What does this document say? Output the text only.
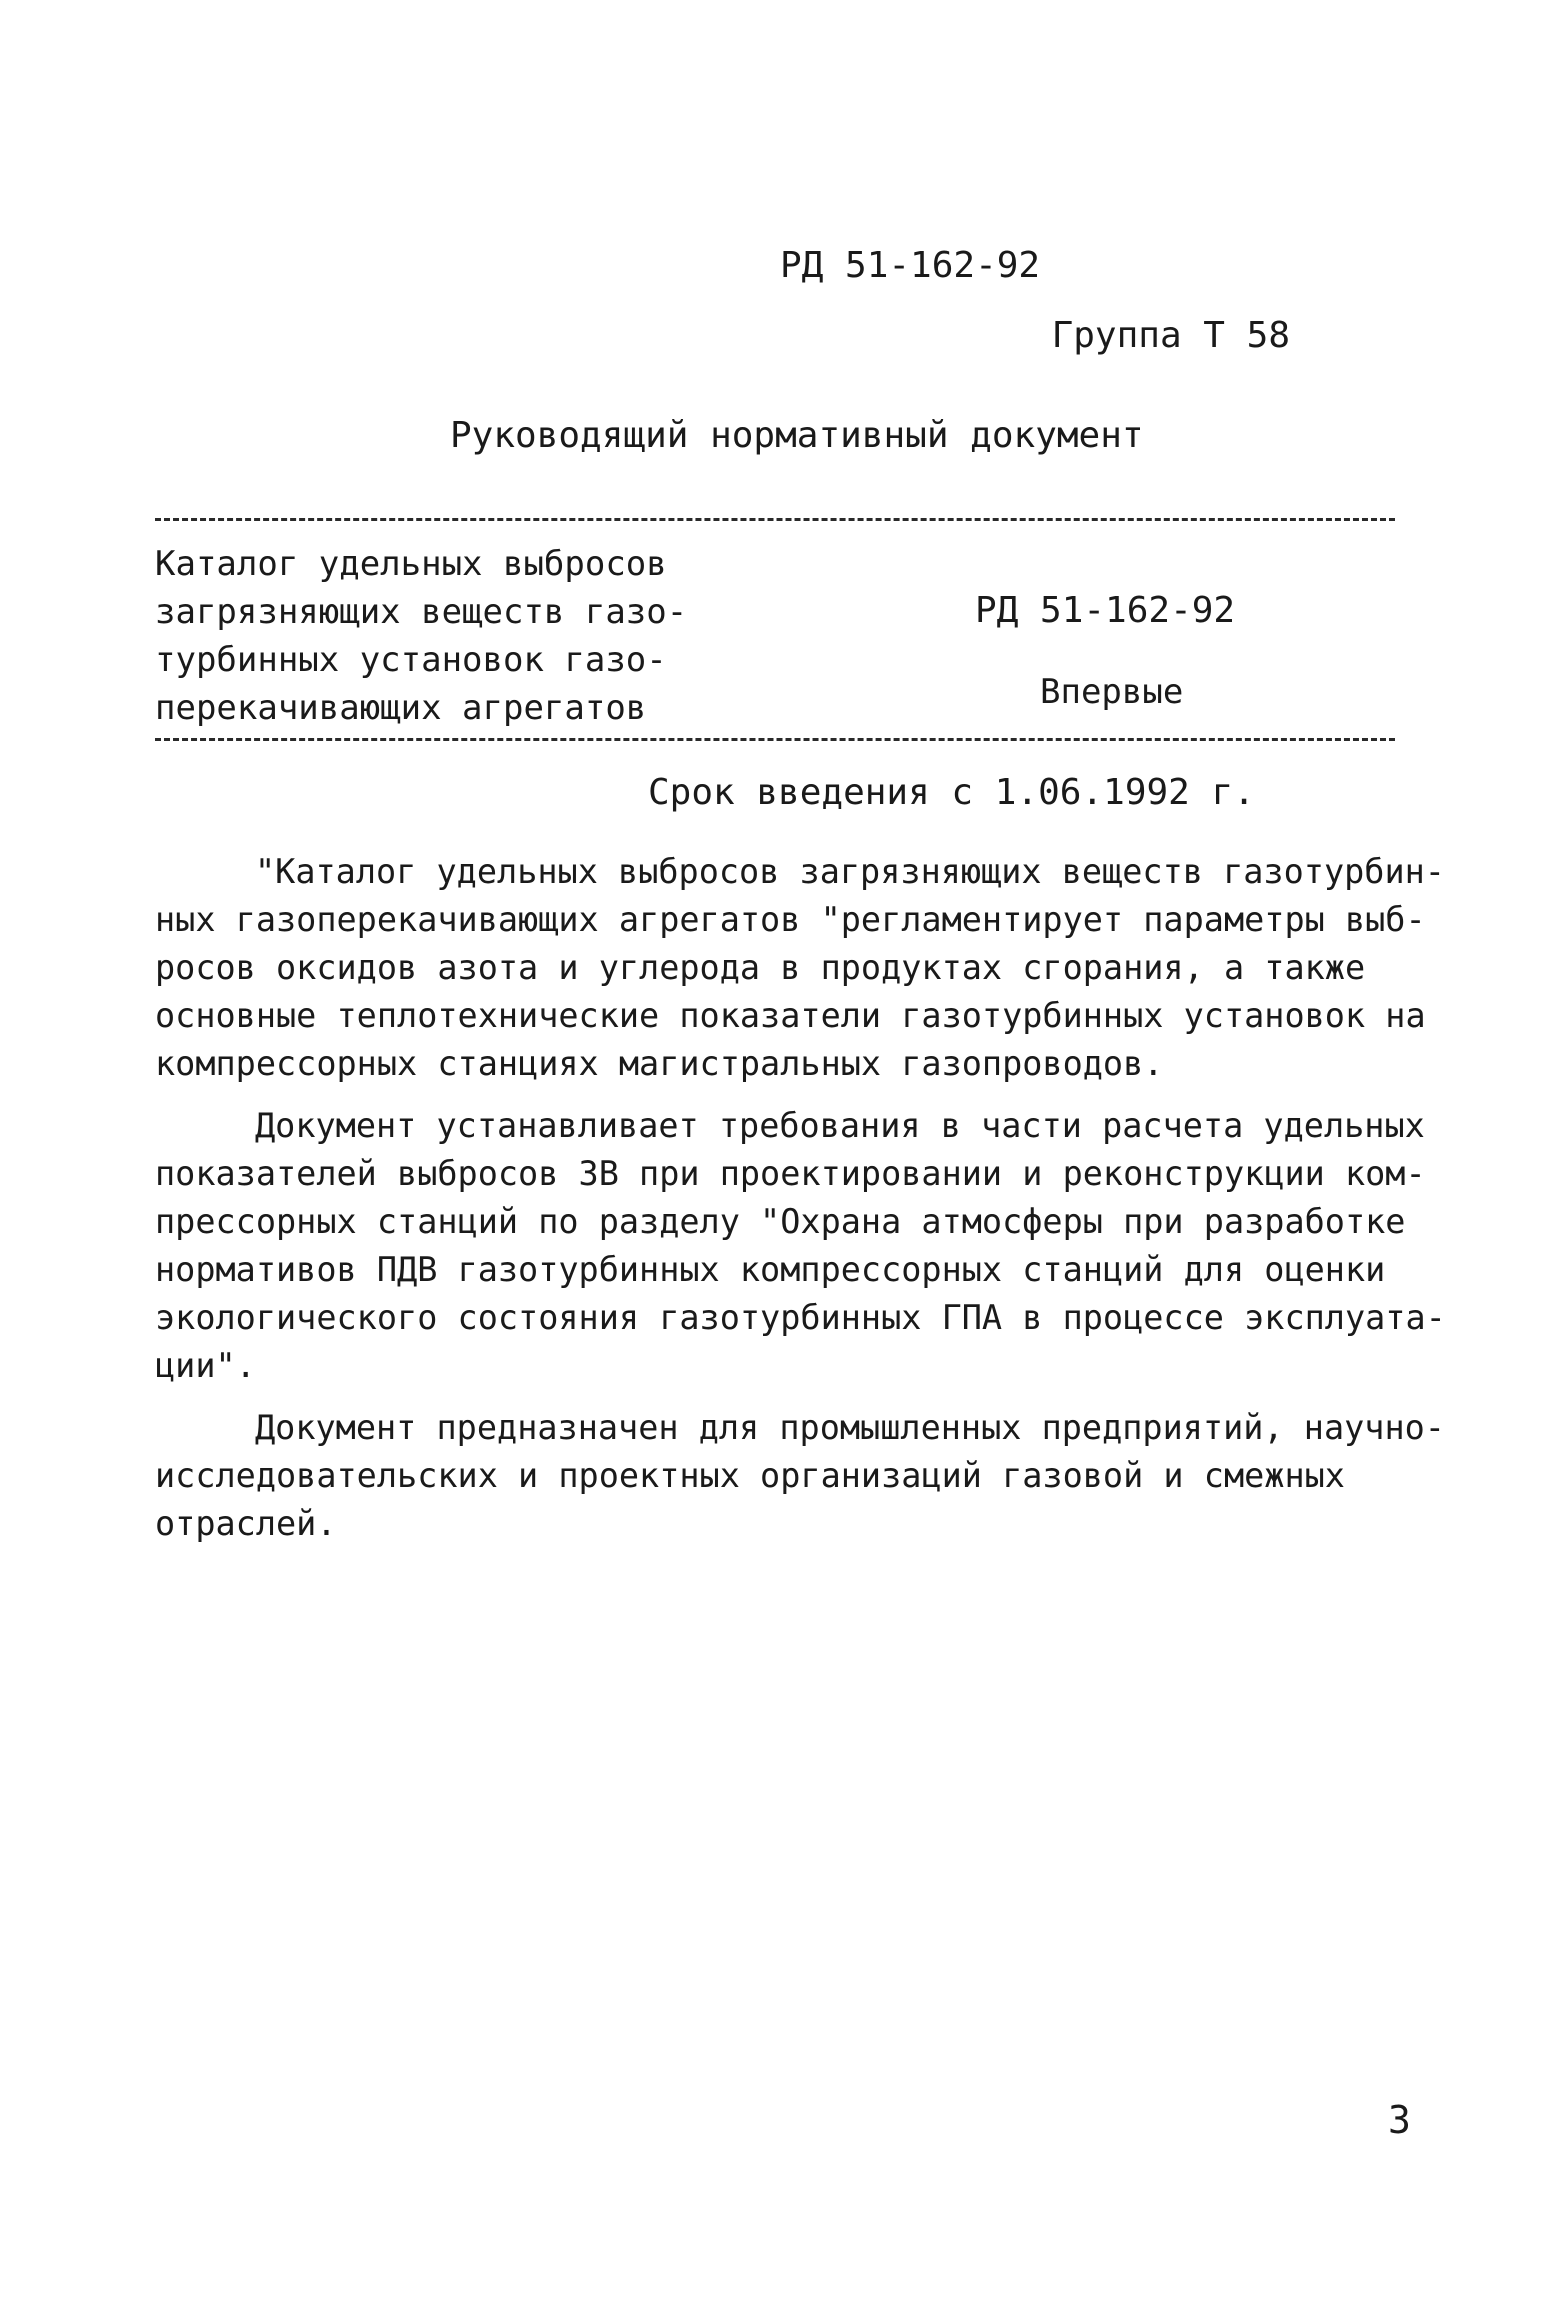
РД 51-162-92
Группа Т 58
Руководящий нормативный документ
Каталог удельных выбросов
загрязняющих веществ газо-
турбинных установок газо-
перекачивающих агрегатов
РД 51-162-92
Впервые
Срок введения с 1.06.1992 г.
"Каталог удельных выбросов загрязняющих веществ газотурбин-
ных газоперекачивающих агрегатов "регламентирует параметры выб-
росов оксидов азота и углерода в продуктах сгорания, а также
основные теплотехнические показатели газотурбинных установок на
компрессорных станциях магистральных газопроводов.
Документ устанавливает требования в части расчета удельных
показателей выбросов ЗВ при проектировании и реконструкции ком-
прессорных станций по разделу "Охрана атмосферы при разработке
нормативов ПДВ газотурбинных компрессорных станций для оценки
экологического состояния газотурбинных ГПА в процессе эксплуата-
ции".
Документ предназначен для промышленных предприятий, научно-
исследовательских и проектных организаций газовой и смежных
отраслей.
3
